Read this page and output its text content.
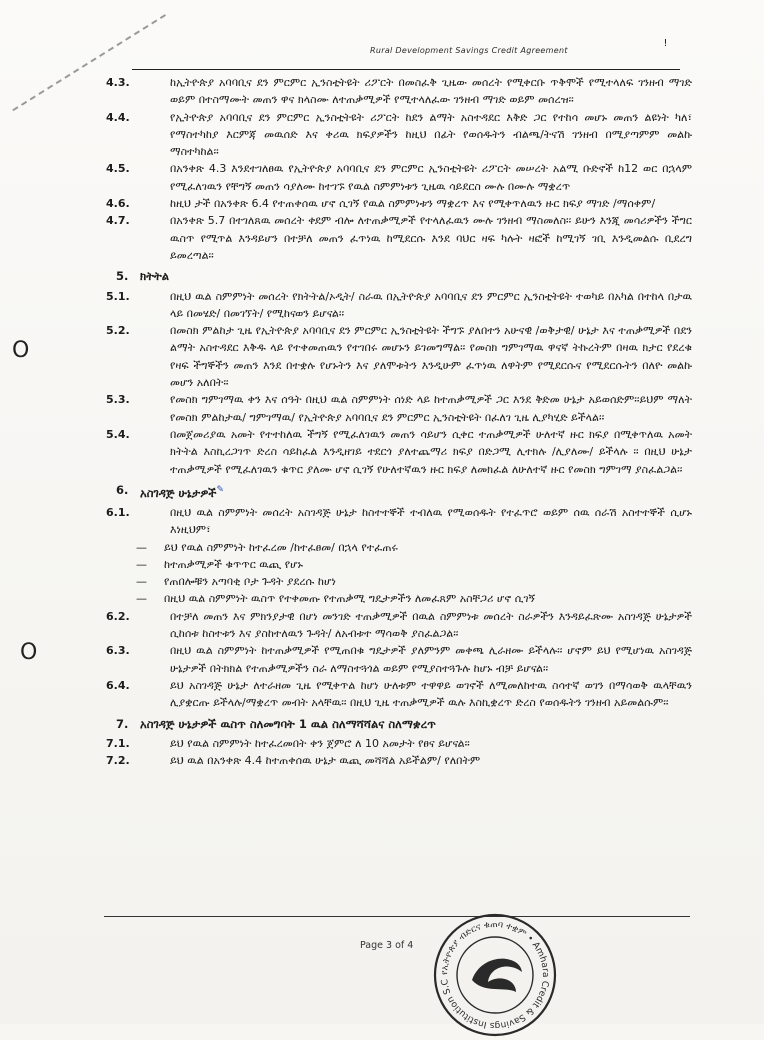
Rural Development Savings Credit Agreement
ǃ
O
O
4.3.	ከኢትዮጵያ አባባቢና ደን ምርምር ኢንስቲትዩት ሪፖርት በመስፈቅ ጊዜው መሰረት የሚቀርቡ ጥቅሞች የሚተላለፍ ገንዘብ ማገድ ወይም በተስማሙት መጠን ዋና ክላስሙ ለተጠቃሚዎች የሚተላለፈው ገንዘብ ማገድ ወይም መሰረዝ፡፡
4.4.	የኢትዮጵያ አባባቢና ደን ምርምር ኢንስቲትዩት ሪፖርት ከደን ልማት አስተዳደር እቅድ ጋር የተከሳ መሆኑ መጠን ልዩነት ካለ፣ የማስተካከያ እርምጃ መዉሰድ እና ቀሪዉ ክፍያዎችን ከዚህ በፊት የወሰዱትን ብልጫ/ትናሽ ገንዘብ በሚያጣምም መልኩ ማስተካከል፡፡
4.5.	በአንቀጽ 4.3 እንደተገለፀዉ የኢትዮጵያ አባባቢና ደን ምርምር ኢንስቲትዩት ሪፖርት መሠረት አልሚ ቡድኖች ከ12 ወር በኋላም የሚፈለገዉን የቸግኝ መጠን ሳያለሙ ከተገኙ የዉል ስምምነቱን ጊዜዉ ሳይደርስ ሙሉ በሙሉ ማቋረጥ
4.6.	ከዚህ ታች በአንቀጽ 6.4 የተጠቀሰዉ ሆኖ ሲገኝ የዉል ስምምነቱን ማቋረጥ እና የሚቀጥለዉን ዙር ክፍያ ማገድ /ማሰቀም/
4.7.	በአንቀጽ 5.7 በተገለጸዉ መሰረት ቀደም ብሎ ለተጠቃሚዎች የተላለፈዉን ሙሉ ገንዘብ ማስመለስ፡፡ ይሁን እንጂ መሳሪዎችን ችግር ዉስጥ የሚጥል እንዳይሆን በተቻለ መጠን ፈጥነዉ ከሚደርሱ እንደ ባህር ዛፍ ካሉት ዛፎች ከሚገኝ ገቢ እንዲመልሱ ቢደረግ ይመረጣል፡፡
5.	ክትትል
5.1.	በዚህ ዉል ስምምነት መሰረት የክትትል/ኦዲት/ ስራዉ በኢትዮጵያ አባባቢና ደን ምርምር ኢንስቲትዩት ተወካይ በአካል በተከላ በታዉ ላይ በመሄድ/ በመገኘት/ የሚከናወን ይሆናል፡፡
5.2.	በመስክ ምልከታ ጊዜ የኢትዮጵያ አባባቢና ደን ምርምር ኢንስቲትዩት ችግኙ ያለበተን አሁናዊ /ወቅታዊ/ ሁኔታ እና ተጠቃሚዎች በደን ልማት አስተዳደር እቅዱ ላይ የተቀመጠዉን የተገበሩ መሆኑን ይገመግማል፡፡ የመስክ ግምገማዉ ዋናኛ ትኩረትም በዛዉ ክታር የደረቁ የዛፍ ችግኞችን መጠን እንደ በተቋሉ የሆኑትን እና ያለሞቱትን እንዲሁም ፈጥነዉ ለዋትም የሚደርሱና የሚደርሱትን በለዮ መልኩ መሆን አለበት፡፡
5.3.	የመስክ ግምገማዉ ቀን እና ሰዓት በዚህ ዉል ስምምነት ሰነድ ላይ ከተጠቃሚዎች ጋር እንደ ቅድመ ሁኔታ አይወሰድም፡፡ይህም ማለት የመስክ ምልከታዉ/ ግምገማዉ/ የኢትዮጵያ አባባቢና ደን ምርምር ኢንስቲትዩት በፈለገ ጊዜ ሊያካሂድ ይችላል፡፡
5.4.	በመጀመሪያዉ አመት የተተከለዉ ችግኝ የሚፈለገዉን መጠን ሳይሆን ሲቀር ተጠቃሚዎች ሁለተኛ ዙር ክፍያ በሚቀጥለዉ አመት ክትትል እስኪረጋገጥ ድረስ ሳይከፈል እንዲዘገይ ተደርጎ ያለተጨማሪ ክፍያ በድጋሚ ሊተክሉ /ሊያለሙ/ ይችላሉ ፡፡ በዚህ ሁኔታ ተጠቃሚዎች የሚፈለገዉን ቁጥር ያለሙ ሆኖ ሲገኝ የሁለተኛዉን ዙር ክፍያ ለመክፈል ለሁለተኛ ዙር የመስክ ግምገማ ያስፈልጋል፡፡
6.	አስገዳጅ ሁኔታዎች✎
6.1.	በዚህ ዉል ስምምነት መሰረት አስገዳጅ ሁኔታ ከስተተኞች ተብለዉ የሚወሰዱት የተፈጥሮ ወይም ሰዉ ሰራሽ አስተተኞች ሲሆኑ እነዚህም፣
— ይህ የዉል ስምምነት ከተፈረመ /ከተፈፀመ/ በኋላ የተፈጠሩ
— ከተጠቃሚዎች ቁጥጥር ዉጪ የሆኑ
— የጠበሎቹን አጣባቂ ቦታ ጉዳት ያደረሱ ከሆነ
— በዚህ ዉል ስምምነት ዉስጥ የተቀመጡ የተጠቃሚ ግዴታዎችን ለመፈጸም አስቸጋሪ ሆኖ ሲገኝ
6.2.	በተቻለ መጠን እና ምክንያታዊ በሆነ መንገድ ተጠቃሚዎች በዉል ስምምነቱ መሰረት ስራዎችን እንዳይፈጽሙ አስገዳጅ ሁኔታዎች ሲከሰቱ ከስተቱን እና ያስከተለዉን ጉዳት/ ለአብቱተ ማሳወቅ ያስፈልጋል፡፡
6.3.	በዚህ ዉል ስምምነት ከተጠቃሚዎች የሚጠበቁ ግዴታዎች ያለምንም መቀጫ ሊራዘሙ ይችላሉ፡፡ ሆኖም ይህ የሚሆነዉ አስገዳጅ ሁኔታዎች በትክክል የተጠቃሚዎችን ስራ ለማስተጓጎል ወይም የሚያስተጓጉሉ ከሆኑ ብቻ ይሆናል፡፡
6.4.	ይህ አስገዳጅ ሁኔታ ለተራዘመ ጊዜ የሚቀጥል ከሆነ ሁለቱም ተዋዋይ ወገኖች ለሚመለከተዉ ስሳተኛ ወገን በማሳወቅ ዉላቸዉን ሊያቋርጡ ይችላሉ/ማቋረጥ መብት አላቸዉ፡፡ በዚህ ጊዜ ተጠቃሚዎች ዉሉ እስኪቋረጥ ድረስ የወሰዱትን ገንዘብ አይመልሱም፡፡
7.	አስገዳጅ ሁኔታዎች ዉስጥ ስለመግባት 1 ዉል ስለማሻሻልና ስለማቋረጥ
7.1.	ይህ የዉል ስምምነት ከተፈረመበት ቀን ጀምሮ ለ 10 አመታት የፀና ይሆናል፡፡
7.2.	ይህ ዉል በአንቀጽ 4.4 ከተጠቀሰዉ ሁኔታ ዉጪ መሻሻል አይችልም/ የለበትም
Page 3 of 4
የኢትዮጵያ ብድርና ቁጠባ ተቋም • Amhara Credit & Savings Institution S.C
